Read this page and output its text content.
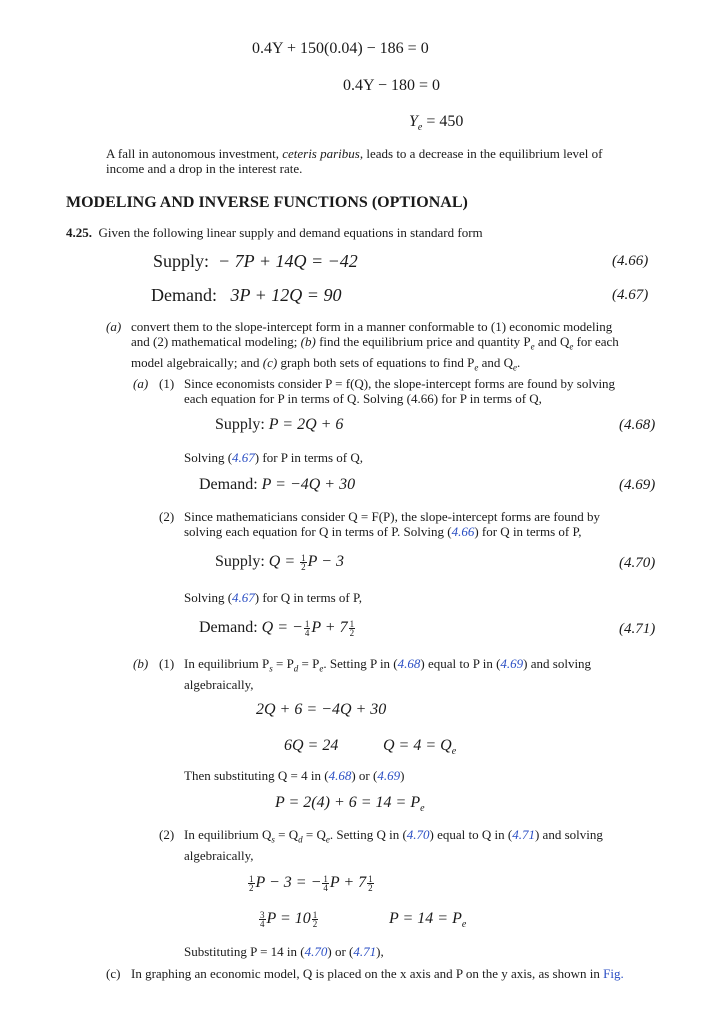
0.4Y + 150(0.04) − 186 = 0
0.4Y − 180 = 0
$Y_e = 450$
A fall in autonomous investment, ceteris paribus, leads to a decrease in the equilibrium level of
income and a drop in the interest rate.
MODELING AND INVERSE FUNCTIONS (OPTIONAL)
4.25. Given the following linear supply and demand equations in standard form
Supply: − 7P + 14Q = −42	(4.66)
Demand: 3P + 12Q = 90	(4.67)
(a) convert them to the slope-intercept form in a manner conformable to (1) economic modeling
and (2) mathematical modeling; (b) find the equilibrium price and quantity $P_e$ and $Q_e$ for each
model algebraically; and (c) graph both sets of equations to find $P_e$ and $Q_e$.
(a) (1) Since economists consider P = f(Q), the slope-intercept forms are found by solving
each equation for P in terms of Q. Solving (4.66) for P in terms of Q,
Supply: P = 2Q + 6	(4.68)
Solving (4.67) for P in terms of Q,
Demand: P = −4Q + 30	(4.69)
(2) Since mathematicians consider Q = F(P), the slope-intercept forms are found by
solving each equation for Q in terms of P. Solving (4.66) for Q in terms of P,
Supply: $Q = \frac{1}{2}$ P − 3	(4.70)
Solving (4.67) for Q in terms of P,
Demand: Q = − $\frac{1}{4}$ $P + 7 \frac{1}{2}$	(4.71)
(b) (1) In equilibrium $P_s = P_d = P_e$. Setting P in (4.68) equal to P in (4.69) and solving
algebraically,
2Q + 6 = −4Q + 30
6Q = 24	$Q = 4 = Q_e$
Then substituting Q = 4 in (4.68) or (4.69)
$P = 2(4) + 6 = 14 = P_e$
(2) In equilibrium $Q_s = Q_d = Q_e$. Setting Q in (4.70) equal to Q in (4.71) and solving
algebraically,
$\frac{1}{2}$ P − 3 = − $\frac{1}{4}$ $P + 7 \frac{1}{2}$
$\frac{3}{4}$ $P = 10 \frac{1}{2}$	$P = 14 = P_e$
Substituting P = 14 in (4.70) or (4.71),
(c) In graphing an economic model, Q is placed on the x axis and P on the y axis, as shown in Fig.
